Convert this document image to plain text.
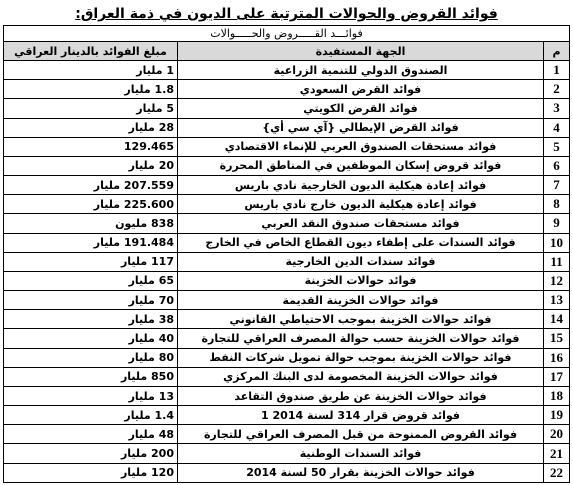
فوائد القروض والحوالات المترتبة على الديون في ذمة العراق:
فوائـــد القـــــروض والحـــــوالات		
م	الجهة المستفيدة	مبلغ الفوائد بالدينار العراقي
1	الصندوق الدولي للتنمية الزراعية	1 مليار
2	فوائد القرض السعودي	1.8 مليار
3	فوائد القرض الكويتي	5 مليار
4	فوائد القرض الإيطالي {آي سي أي}	28 مليار
5	فوائد مستحقات الصندوق العربي للإنماء الاقتصادي	129.465
6	فوائد قروض إسكان الموظفين في المناطق المحررة	20 مليار
7	فوائد إعادة هيكلية الديون الخارجية نادي باريس	207.559 مليار
8	فوائد إعادة هيكلية الديون خارج نادي باريس	225.600 مليار
9	فوائد مستحقات صندوق النقد العربي	838 مليون
10	فوائد السندات على إطفاء ديون القطاع الخاص في الخارج	191.484 مليار
11	فوائد سندات الدين الخارجية	117 مليار
12	فوائد حوالات الخزينة	65 مليار
13	فوائد حوالات الخزينة القديمة	70 مليار
14	فوائد حوالات الخزينة بموجب الاحتياطي القانوني	38 مليار
15	فوائد حوالات الخزينة حسب حوالة المصرف العراقي للتجارة	40 مليار
16	فوائد حوالات الخزينة بموجب حوالة تمويل شركات النفط	80 مليار
17	فوائد حوالات الخزينة المخصومة لدى البنك المركزي	850 مليار
18	فوائد حوالات الخزينة عن طريق صندوق التقاعد	13 مليار
19	فوائد قروض قرار 314 لسنة 2014 1	1.4 مليار
20	فوائد القروض الممنوحة من قبل المصرف العراقي للتجارة	48 مليار
21	فوائد السندات الوطنية	200 مليار
22	فوائد حوالات الخزينة بقرار 50 لسنة 2014	120 مليار
